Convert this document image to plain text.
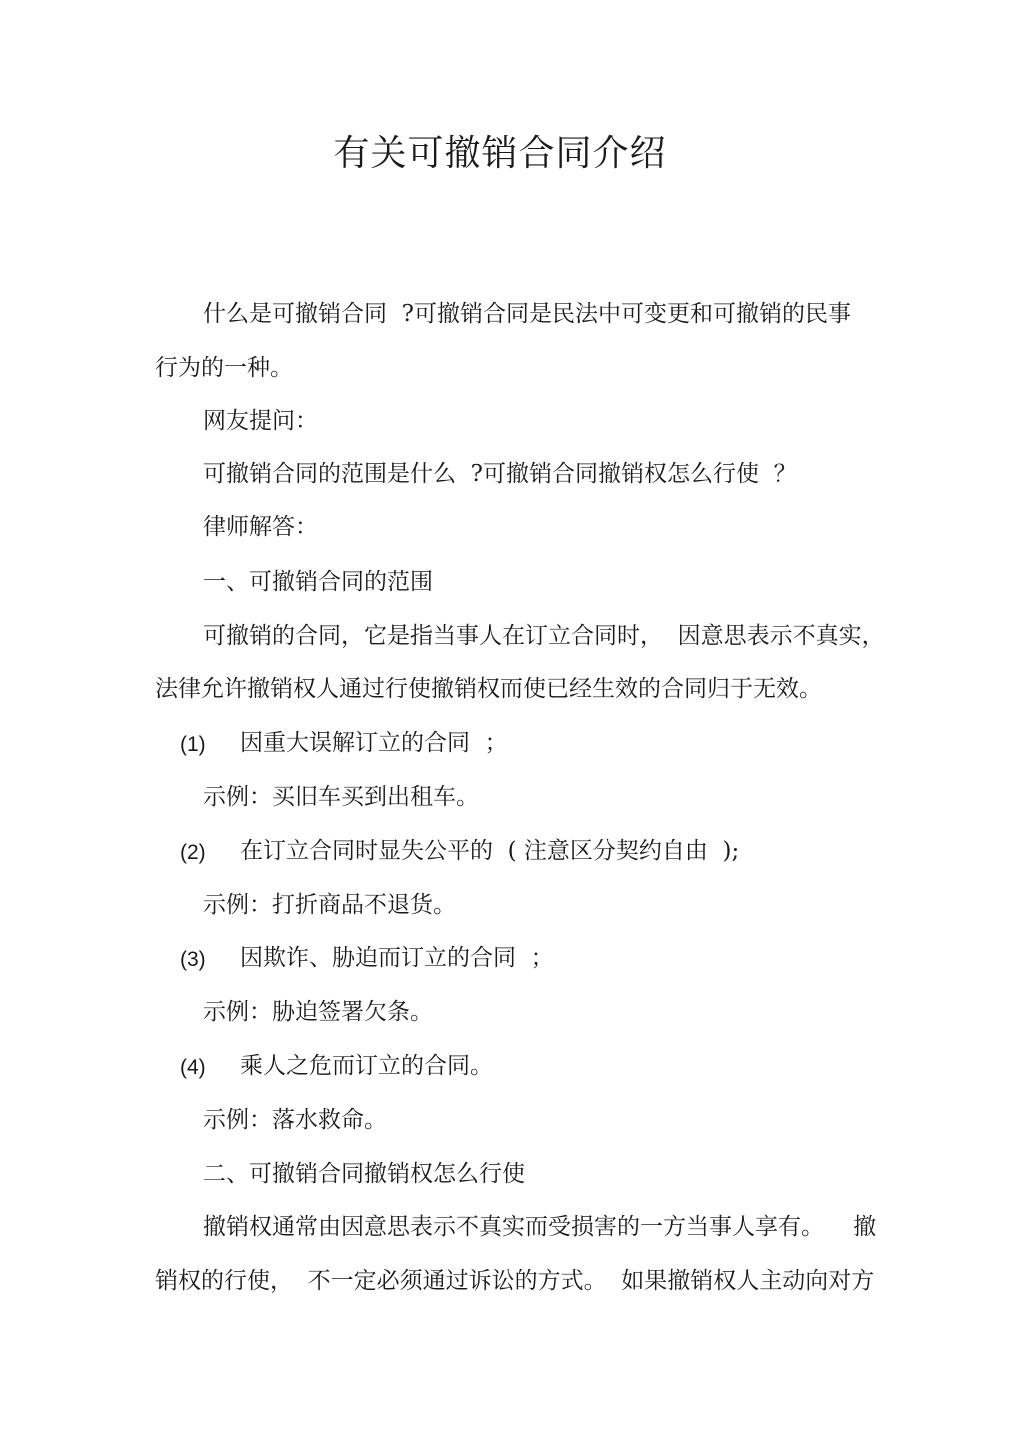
有关可撤销合同介绍

什么是可撤销合同  ?可撤销合同是民法中可变更和可撤销的民事

行为的一种。

网友提问：

可撤销合同的范围是什么  ?可撤销合同撤销权怎么行使  ？

律师解答：

一、可撤销合同的范围

可撤销的合同，它是指当事人在订立合同时，  因意思表示不真实，

法律允许撤销权人通过行使撤销权而使已经生效的合同归于无效。

(1) 因重大误解订立的合同  ；

示例：买旧车买到出租车。

(2) 在订立合同时显失公平的  ( 注意区分契约自由  );

示例：打折商品不退货。

(3) 因欺诈、胁迫而订立的合同  ；

示例：胁迫签署欠条。

(4) 乘人之危而订立的合同。

示例：落水救命。

二、可撤销合同撤销权怎么行使

撤销权通常由因意思表示不真实而受损害的一方当事人享有。    撤

销权的行使，  不一定必须通过诉讼的方式。  如果撤销权人主动向对方
